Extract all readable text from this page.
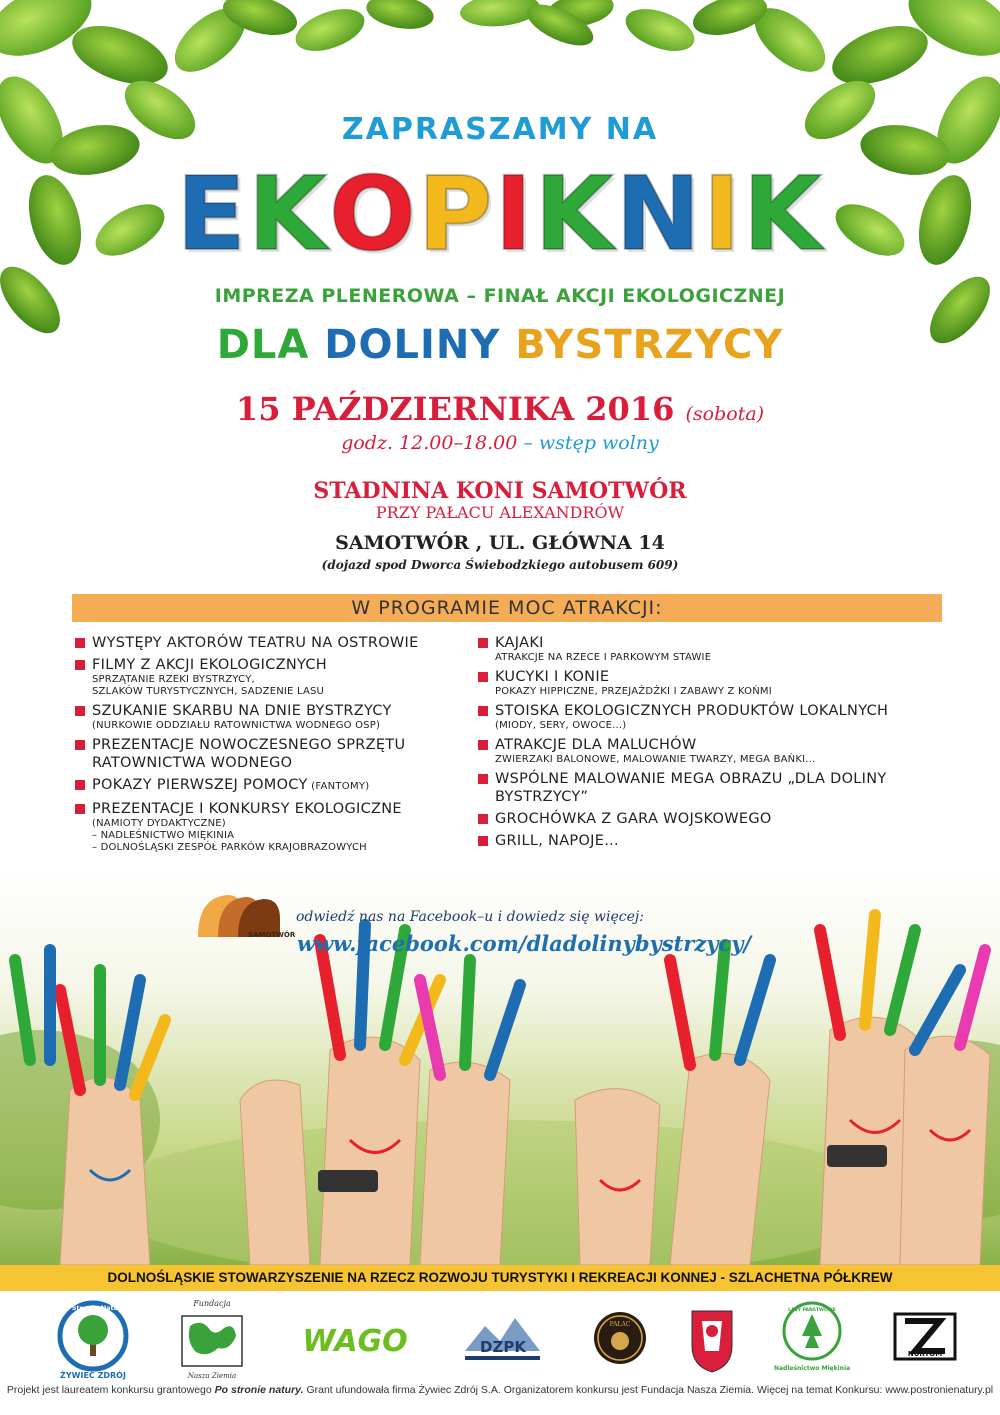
ZAPRASZAMY NA
EKOPIKNIK
IMPREZA PLENEROWA – FINAŁ AKCJI EKOLOGICZNEJ
DLA DOLINY BYSTRZYCY
15 PAŹDZIERNIKA 2016 (sobota)
godz. 12.00–18.00 – wstęp wolny
STADNINA KONI SAMOTWÓR
PRZY PAŁACU ALEXANDRÓW
SAMOTWÓR , UL. GŁÓWNA 14
(dojazd spod Dworca Świebodzkiego autobusem 609)
W PROGRAMIE MOC ATRAKCJI:
WYSTĘPY AKTORÓW TEATRU NA OSTROWIE
FILMY Z AKCJI EKOLOGICZNYCH
SPRZĄTANIE RZEKI BYSTRZYCY,
SZLAKÓW TURYSTYCZNYCH, SADZENIE LASU
SZUKANIE SKARBU NA DNIE BYSTRZYCY
(NURKOWIE ODDZIAŁU RATOWNICTWA WODNEGO OSP)
PREZENTACJE NOWOCZESNEGO SPRZĘTU RATOWNICTWA WODNEGO
POKAZY PIERWSZEJ POMOCY (FANTOMY)
PREZENTACJE I KONKURSY EKOLOGICZNE
(NAMIOTY DYDAKTYCZNE)
– NADLEŚNICTWO MIĘKINIA
– DOLNOŚLĄSKI ZESPÓŁ PARKÓW KRAJOBRAZOWYCH
KAJAKI
ATRAKCJE NA RZECE I PARKOWYM STAWIE
KUCYKI I KONIE
POKAZY HIPPICZNE, PRZEJAŻDŻKI I ZABAWY Z KOŃMI
STOISKA EKOLOGICZNYCH PRODUKTÓW LOKALNYCH
(MIODY, SERY, OWOCE...)
ATRAKCJE DLA MALUCHÓW
ZWIERZAKI BALONOWE, MALOWANIE TWARZY, MEGA BAŃKI...
WSPÓLNE MALOWANIE MEGA OBRAZU „DLA DOLINY BYSTRZYCY”
GROCHÓWKA Z GARA WOJSKOWEGO
GRILL, NAPOJE...
SAMOTWÓR
odwiedź nas na Facebook–u i dowiedz się więcej:
www.facebook.com/dladolinybystrzycy/
DOLNOŚLĄSKIE STOWARZYSZENIE NA RZECZ ROZWOJU TURYSTYKI I REKREACJI KONNEJ - SZLACHETNA PÓŁKREW
Po Stronie Natury
ŻYWIEC ZDRÓJ
Fundacja
Nasza Ziemia
WAGO	DZPK
PAŁAC
LASY PAŃSTWOWE
Nadleśnictwo Miękinia
NURTOM
Projekt jest laureatem konkursu grantowego Po stronie natury. Grant ufundowała firma Żywiec Zdrój S.A. Organizatorem konkursu jest Fundacja Nasza Ziemia. Więcej na temat Konkursu: www.postronienatury.pl
